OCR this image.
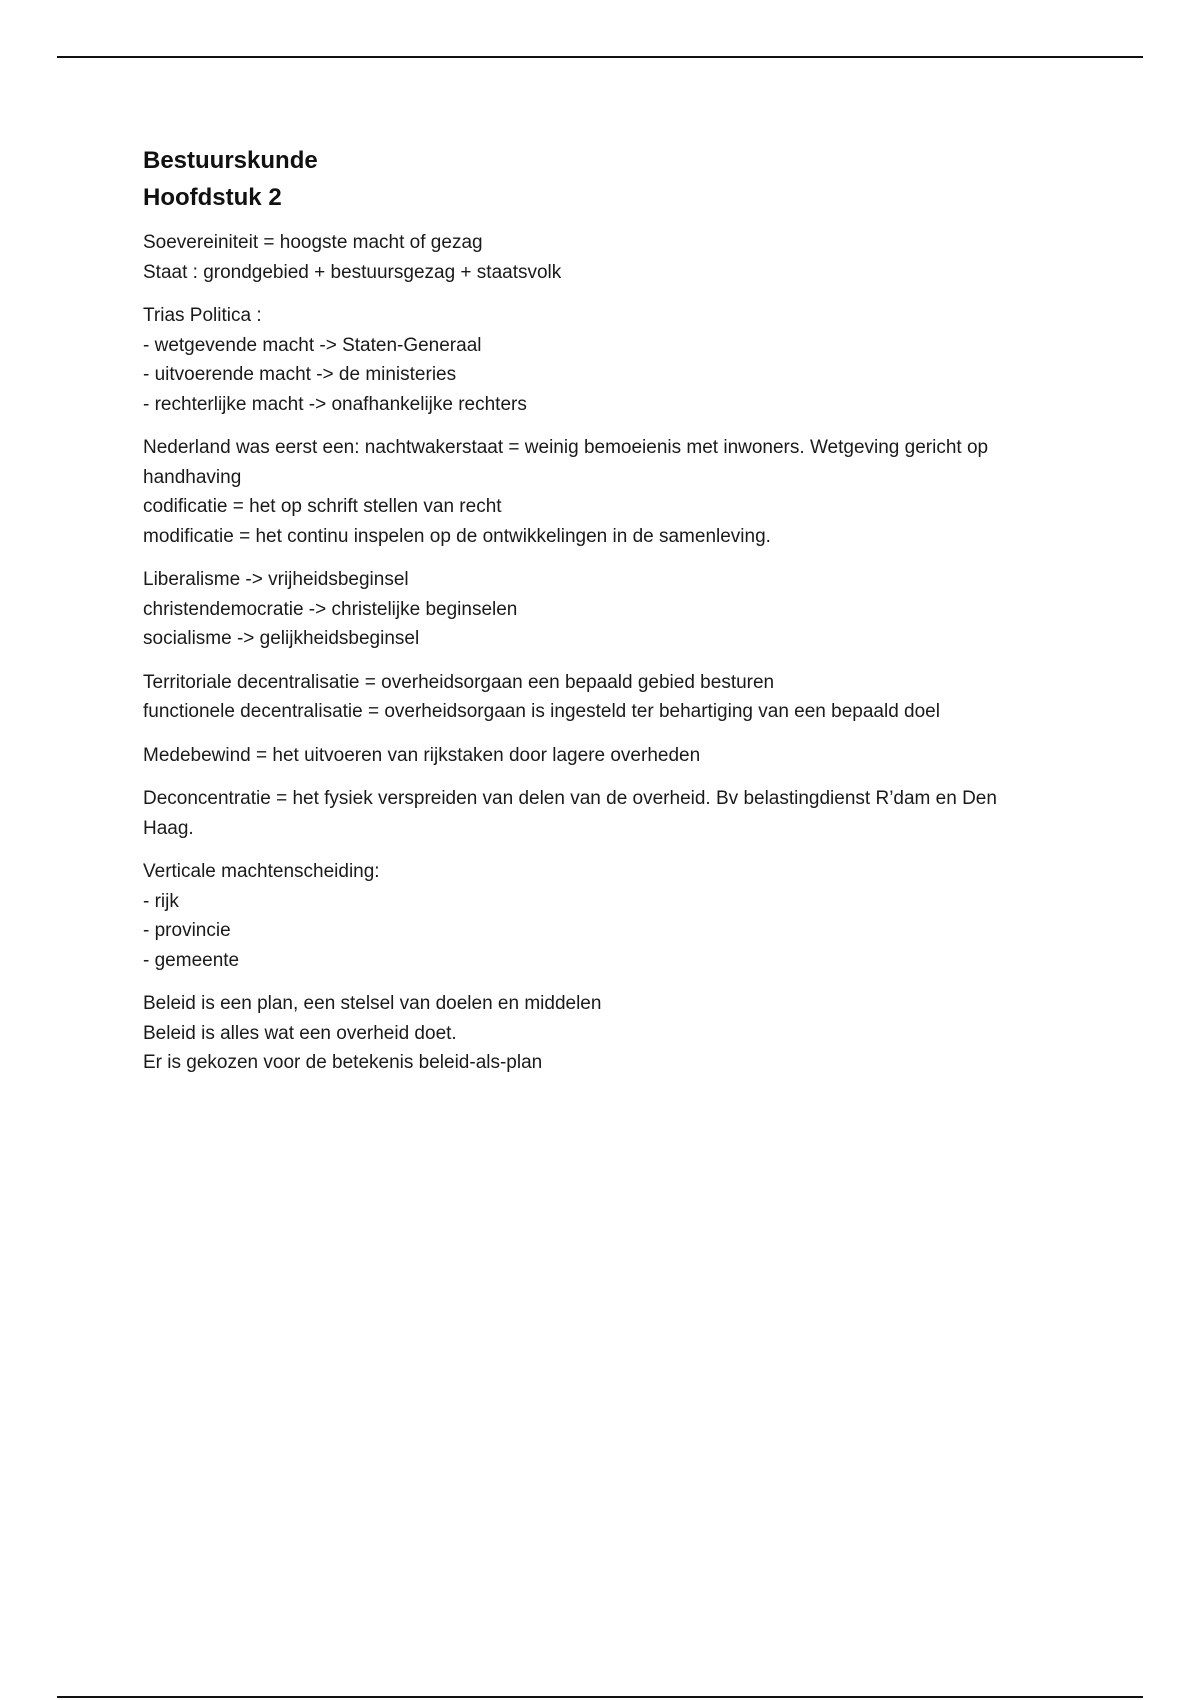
Bestuurskunde
Hoofdstuk 2
Soevereiniteit = hoogste macht of gezag
Staat : grondgebied + bestuursgezag + staatsvolk
Trias Politica :
- wetgevende macht -> Staten-Generaal
- uitvoerende macht -> de ministeries
- rechterlijke macht -> onafhankelijke rechters
Nederland was eerst een: nachtwakerstaat = weinig bemoeienis met inwoners. Wetgeving gericht op
handhaving
codificatie = het op schrift stellen van recht
modificatie = het continu inspelen op de ontwikkelingen in de samenleving.
Liberalisme -> vrijheidsbeginsel
christendemocratie -> christelijke beginselen
socialisme -> gelijkheidsbeginsel
Territoriale decentralisatie = overheidsorgaan een bepaald gebied besturen
functionele decentralisatie = overheidsorgaan is ingesteld ter behartiging van een bepaald doel
Medebewind = het uitvoeren van rijkstaken door lagere overheden
Deconcentratie = het fysiek verspreiden van delen van de overheid. Bv belastingdienst R’dam en Den
Haag.
Verticale machtenscheiding:
- rijk
- provincie
- gemeente
Beleid is een plan, een stelsel van doelen en middelen
Beleid is alles wat een overheid doet.
Er is gekozen voor de betekenis beleid-als-plan
